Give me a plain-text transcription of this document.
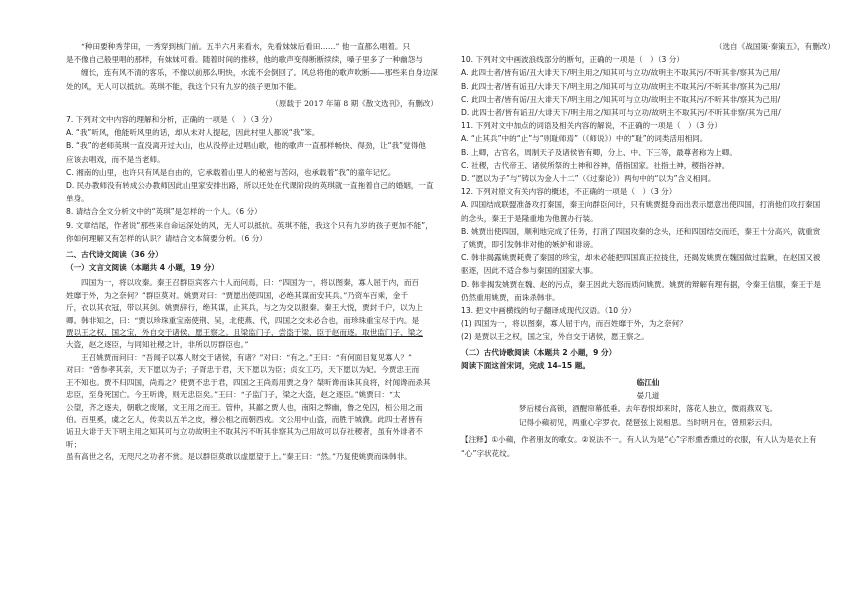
“种田要种秀芽田，一秀穿到核门前。五半六月来看水，先看妹妹后看田……” 他一直都么唱着。只

是不像自己般里唱的那样，有妹妹可看。随着时间的推移，他的歌声变得断断续续，嗓子里多了一种幽怨与

缠长，连有风不清的客乐，不像以前那么明快，水流不会倒回了。风总将他的歌声吹断——那些来自身边深

处的风，无人可以抵抗。英琪不能，我这个只有九岁的孩子更加不能。

（原载于 2017 年第 8 期《散文选刊》，有删改）

7. 下列对文中内容的理解和分析，正确的一项是（　）（3 分）

A. “我”听风，他能听风里的话，却从未对人提起，因此村里人都说“我”笨。

B. “我”的老师英琪一直没离开过大山，也从没停止过唱山歌，他的歌声一直那样畅快、得劲，让“我”觉得他

应该去唱戏，而不是当老师。

C. 湘南的山里，也许只有风是自由的，它承载着山里人的秘密与苦闷，也承载着“我”的童年记忆。

D. 民办教师没有转成公办教师因此山里家安排出路，所以还处在代课阶段的英琪就一直拖着自己的婚姻，一直单身。

8. 请结合全文分析文中的“英琪”是怎样的一个人。（6 分）

9. 文章结尾，作者说“那些来自命运深处的风，无人可以抵抗。英琪不能，我这个只有九岁的孩子更加不能”，

你如何理解又有怎样的认识？请结合文本简要分析。（6 分）

二、古代诗文阅读（36 分）

（一）文言文阅读（本题共 4 小题，19 分）

四国为一，将以攻秦。秦王召群臣宾客六十人而问焉，曰：“四国为一，将以图秦，寡人屈于内，而百

姓靡于外，为之奈何？”群臣莫对。姚贾对曰：“贾愿出使四国，必绝其谋而安其兵。”乃资车百乘，金千

斤，衣以其衣冠，带以其剑。姚贾辞行，绝其谋，止其兵，与之为交以报秦。秦王大悦，贾封千户，以为上

卿。韩非知之，曰：“贾以珍珠重宝南使荆、吴，北使燕、代，四国之交未必合也，而珍珠重宝尽于内。是

贾以王之权、国之宝，外自交于诸侯，愿王察之。且梁监门子，尝盗于梁，臣于赵而逐。取世监门子、梁之

大盗，赵之逐臣，与同知社稷之计，非所以厉群臣也。”

王召姚贾而问曰：“吾闻子以寡人财交于诸侯，有诸？”对曰：“有之。”王曰：“有何面目复见寡人？”

对曰：“曾参孝其亲，天下愿以为子；子胥忠于君，天下愿以为臣；贞女工巧，天下愿以为妃。今贾忠王而

王不知也。贾不归四国，尚焉之？使贾不忠于君，四国之王尚焉用贾之身？桀听谗而诛其良将，纣闻谗而杀其

忠臣，至身死国亡。今王听谗，则无忠臣矣。”王曰：“子监门子，梁之大盗，赵之逐臣。”姚贾曰：“太

公望，齐之逐夫，朝歌之废屠，文王用之而王。管仲，其鄙之贾人也，南阳之弊幽，鲁之免囚，桓公用之而

伯。百里奚，虞之乞人，传卖以五羊之皮，穆公相之而朝西戎。文公用中山盗，而胜于城濮。此四士者皆有

诟丑大诽于天下明主用之知其可与立功故明主不取其污不听其非察其为己用故可以存社稷者，虽有外诽者不听；

虽有高世之名，无咫尺之功者不赏。是以群臣莫敢以虚愿望于上。”秦王曰：“然。”乃复使姚贾而诛韩非。

（选自《战国策·秦策五》，有删改）

10. 下列对文中画波浪线部分的断句，正确的一项是（　）（3 分）

A. 此四士者/皆有诟/丑大诽天下/明主用之/知其可与立功/故明主不取其污/不听其非/察其为己用/

B. 此四士者/皆有诟丑/大诽天下/明主用之/知其可与立功/故明主不取其污/不听其非/察其为己用/

C. 此四士者/皆有诟/丑大诽天下/明主用之/知其可与立功/故明主不取其污/不听其非/察其为己用/

D. 此四士者/皆有诟丑/大诽天下/明主用之/知其可与立功/故明主不取其污/不听其非察/其为己用/

11. 下列对文中加点的词语及相关内容的解说，不正确的一项是（　）（3 分）

A. “止其兵”中的“止”与“则耻师焉”（《师说》）中的“耻”的词类活用相同。

B. 上卿，古官名，周制天子及诸侯皆有卿，分上、中、下三等，最尊者称为上卿。

C. 社稷，古代帝王、诸侯所祭的土神和谷神，借指国家。社指土神，稷指谷神。

D. “愿以为子”与“铸以为金人十二”（《过秦论》）两句中的“以为”含义相同。

12. 下列对原文有关内容的概述，不正确的一项是（　）（3 分）

A. 四国结成联盟准备攻打秦国，秦王向群臣问计，只有姚贾挺身而出表示愿意出使四国，打消他们攻打秦国

的念头，秦王于是隆重地为他置办行装。

B. 姚贾出使四国，顺利地完成了任务，打消了四国攻秦的念头，还和四国结交而还，秦王十分高兴，就重赏

了姚贾，即引发韩非对他的嫉妒和诽谤。

C. 韩非揭露姚贾耗费了秦国的珍宝，却未必能把四国真正拉拢住，还揭发姚贾在魏国做过监瞅，在赵国又被

驱逐，因此不适合参与秦国的国家大事。

D. 韩非揭发姚贾在魏、赵的污点，秦王因此大怒而质问姚贾。姚贾的辩解有理有据，令秦王信服，秦王于是

仍然重用姚贾，而诛杀韩非。

13. 把文中画横线的句子翻译成现代汉语。（10 分）

(1) 四国为一，将以图秦，寡人屈于内，而百姓靡于外，为之奈何？

(2) 是贾以王之权，国之宝，外自交于诸侯，愿王察之。

（二）古代诗歌阅读（本题共 2 小题，9 分）

阅读下面这首宋词，完成 14–15 题。

临江仙

晏几道

梦后楼台高锁，酒醒帘幕低垂。去年春恨却来时，落花人独立，微雨燕双飞。

记得小蘋初见，两重心字罗衣。琵琶弦上说相思。当时明月在，曾照彩云归。

【注释】①小蘋，作者朋友的歌女。②说法不一。有人认为是“心”字形熏香熏过的衣服，有人认为是衣上有

“心”字状花纹。
